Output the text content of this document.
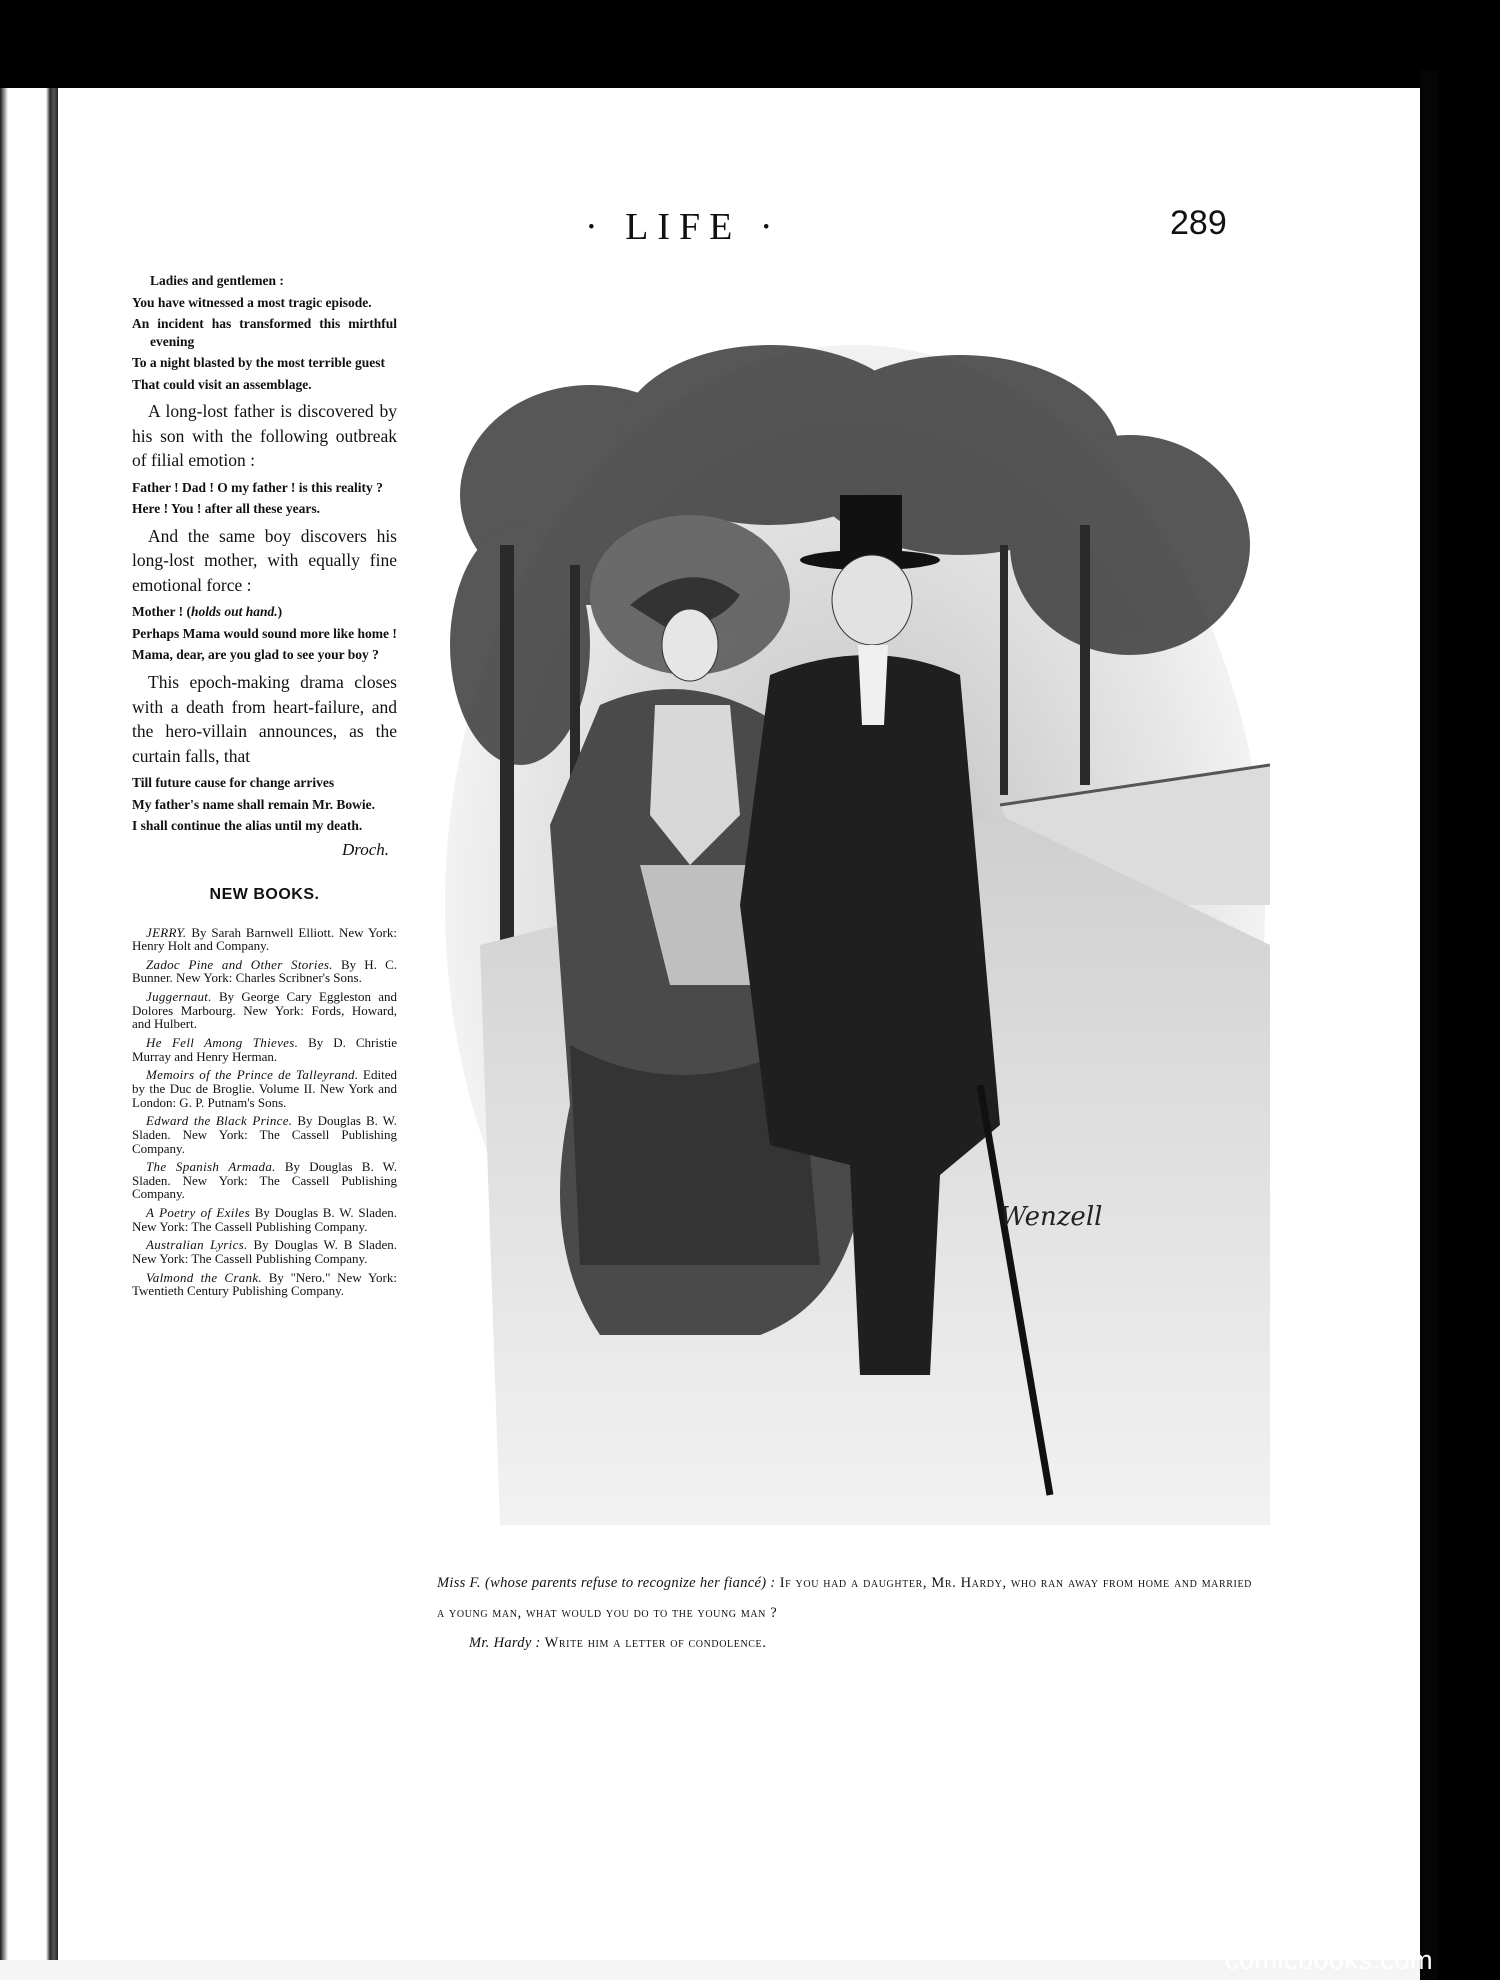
· LIFE ·	289

Ladies and gentlemen :

You have witnessed a most tragic episode.

An incident has transformed this mirthful evening

To a night blasted by the most terrible guest

That could visit an assemblage.

A long-lost father is discovered by his son with the following outbreak of filial emotion :

Father ! Dad ! O my father ! is this reality ?

Here ! You ! after all these years.

And the same boy discovers his long-lost mother, with equally fine emotional force :

Mother ! (holds out hand.)

Perhaps Mama would sound more like home !

Mama, dear, are you glad to see your boy ?

This epoch-making drama closes with a death from heart-failure, and the hero-villain announces, as the curtain falls, that

Till future cause for change arrives

My father's name shall remain Mr. Bowie.

I shall continue the alias until my death.

Droch.

NEW BOOKS.

JERRY. By Sarah Barnwell Elliott. New York: Henry Holt and Company.

Zadoc Pine and Other Stories. By H. C. Bunner. New York: Charles Scribner's Sons.

Juggernaut. By George Cary Eggleston and Dolores Marbourg. New York: Fords, Howard, and Hulbert.

He Fell Among Thieves. By D. Christie Murray and Henry Herman.

Memoirs of the Prince de Talleyrand. Edited by the Duc de Broglie. Volume II. New York and London: G. P. Putnam's Sons.

Edward the Black Prince. By Douglas B. W. Sladen. New York: The Cassell Publishing Company.

The Spanish Armada. By Douglas B. W. Sladen. New York: The Cassell Publishing Company.

A Poetry of Exiles By Douglas B. W. Sladen. New York: The Cassell Publishing Company.

Australian Lyrics. By Douglas W. B Sladen. New York: The Cassell Publishing Company.

Valmond the Crank. By "Nero." New York: Twentieth Century Publishing Company.

Wenzell

Miss F. (whose parents refuse to recognize her fiancé) : If you had a daughter, Mr. Hardy, who ran away from home and married a young man, what would you do to the young man ?

Mr. Hardy : Write him a letter of condolence.

comicbooks.com
